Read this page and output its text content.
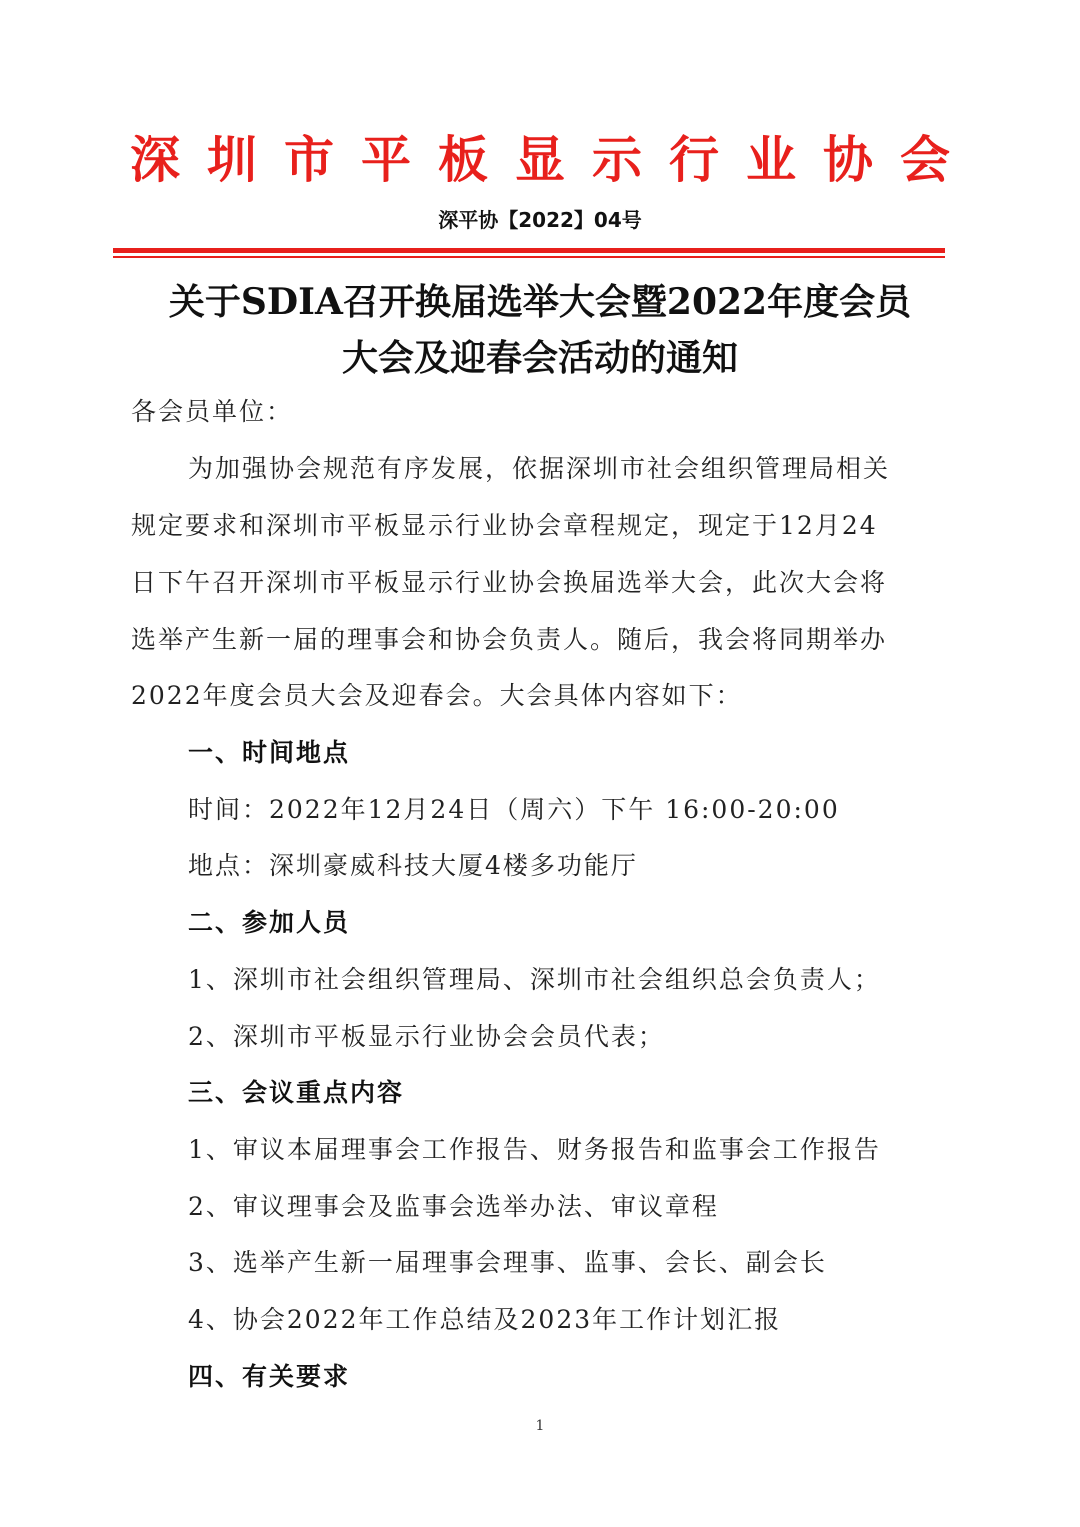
深圳市平板显示行业协会
深平协【2022】04号
关于SDIA召开换届选举大会暨2022年度会员
大会及迎春会活动的通知
各会员单位：
为加强协会规范有序发展，依据深圳市社会组织管理局相关
规定要求和深圳市平板显示行业协会章程规定，现定于12月24
日下午召开深圳市平板显示行业协会换届选举大会，此次大会将
选举产生新一届的理事会和协会负责人。随后，我会将同期举办
2022年度会员大会及迎春会。大会具体内容如下：
一、时间地点
时间：2022年12月24日（周六）下午 16:00-20:00
地点：深圳豪威科技大厦4楼多功能厅
二、参加人员
1、深圳市社会组织管理局、深圳市社会组织总会负责人；
2、深圳市平板显示行业协会会员代表；
三、会议重点内容
1、审议本届理事会工作报告、财务报告和监事会工作报告
2、审议理事会及监事会选举办法、审议章程
3、选举产生新一届理事会理事、监事、会长、副会长
4、协会2022年工作总结及2023年工作计划汇报
四、有关要求
1
